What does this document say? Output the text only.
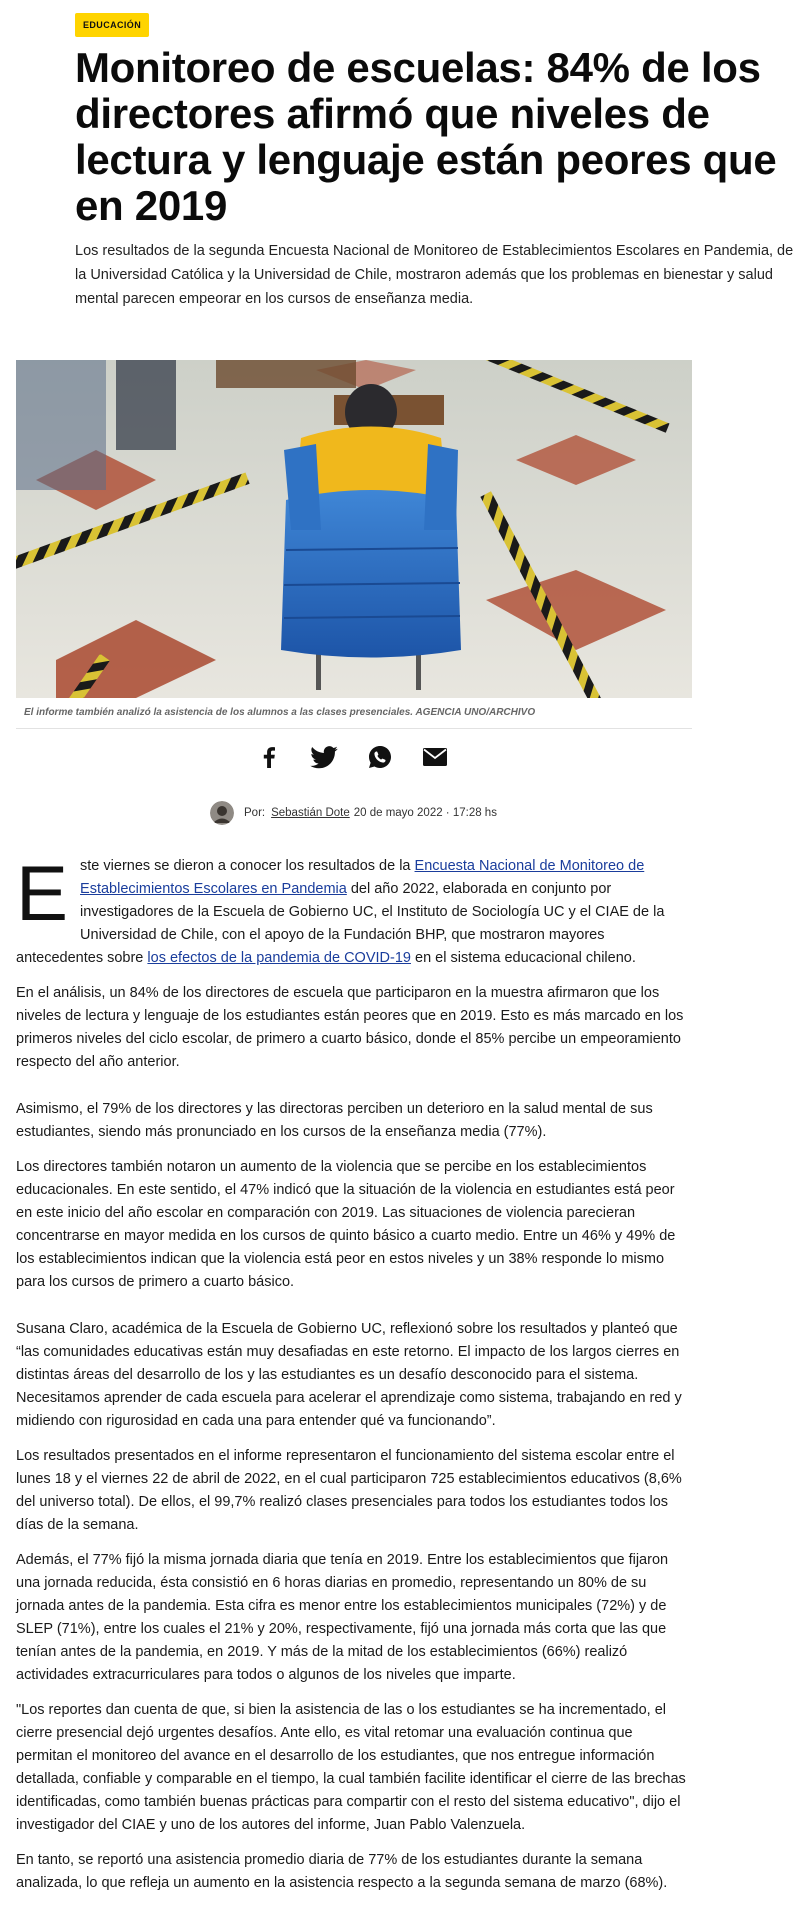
EDUCACIÓN
Monitoreo de escuelas: 84% de los directores afirmó que niveles de lectura y lenguaje están peores que en 2019

Los resultados de la segunda Encuesta Nacional de Monitoreo de Establecimientos Escolares en Pandemia, de la Universidad Católica y la Universidad de Chile, mostraron además que los problemas en bienestar y salud mental parecen empeorar en los cursos de enseñanza media.

El informe también analizó la asistencia de los alumnos a las clases presenciales. AGENCIA UNO/ARCHIVO

Por: Sebastián Dote 20 de mayo 2022 · 17:28 hs

Este viernes se dieron a conocer los resultados de la Encuesta Nacional de Monitoreo de Establecimientos Escolares en Pandemia del año 2022, elaborada en conjunto por investigadores de la Escuela de Gobierno UC, el Instituto de Sociología UC y el CIAE de la Universidad de Chile, con el apoyo de la Fundación BHP, que mostraron mayores antecedentes sobre los efectos de la pandemia de COVID-19 en el sistema educacional chileno.

En el análisis, un 84% de los directores de escuela que participaron en la muestra afirmaron que los niveles de lectura y lenguaje de los estudiantes están peores que en 2019. Esto es más marcado en los primeros niveles del ciclo escolar, de primero a cuarto básico, donde el 85% percibe un empeoramiento respecto del año anterior.

Asimismo, el 79% de los directores y las directoras perciben un deterioro en la salud mental de sus estudiantes, siendo más pronunciado en los cursos de la enseñanza media (77%).

Los directores también notaron un aumento de la violencia que se percibe en los establecimientos educacionales. En este sentido, el 47% indicó que la situación de la violencia en estudiantes está peor en este inicio del año escolar en comparación con 2019. Las situaciones de violencia parecieran concentrarse en mayor medida en los cursos de quinto básico a cuarto medio. Entre un 46% y 49% de los establecimientos indican que la violencia está peor en estos niveles y un 38% responde lo mismo para los cursos de primero a cuarto básico.

Susana Claro, académica de la Escuela de Gobierno UC, reflexionó sobre los resultados y planteó que “las comunidades educativas están muy desafiadas en este retorno. El impacto de los largos cierres en distintas áreas del desarrollo de los y las estudiantes es un desafío desconocido para el sistema. Necesitamos aprender de cada escuela para acelerar el aprendizaje como sistema, trabajando en red y midiendo con rigurosidad en cada una para entender qué va funcionando”.

Los resultados presentados en el informe representaron el funcionamiento del sistema escolar entre el lunes 18 y el viernes 22 de abril de 2022, en el cual participaron 725 establecimientos educativos (8,6% del universo total). De ellos, el 99,7% realizó clases presenciales para todos los estudiantes todos los días de la semana.

Además, el 77% fijó la misma jornada diaria que tenía en 2019. Entre los establecimientos que fijaron una jornada reducida, ésta consistió en 6 horas diarias en promedio, representando un 80% de su jornada antes de la pandemia. Esta cifra es menor entre los establecimientos municipales (72%) y de SLEP (71%), entre los cuales el 21% y 20%, respectivamente, fijó una jornada más corta que las que tenían antes de la pandemia, en 2019. Y más de la mitad de los establecimientos (66%) realizó actividades extracurriculares para todos o algunos de los niveles que imparte.

"Los reportes dan cuenta de que, si bien la asistencia de las o los estudiantes se ha incrementado, el cierre presencial dejó urgentes desafíos. Ante ello, es vital retomar una evaluación continua que permitan el monitoreo del avance en el desarrollo de los estudiantes, que nos entregue información detallada, confiable y comparable en el tiempo, la cual también facilite identificar el cierre de las brechas identificadas, como también buenas prácticas para compartir con el resto del sistema educativo", dijo el investigador del CIAE y uno de los autores del informe, Juan Pablo Valenzuela.

En tanto, se reportó una asistencia promedio diaria de 77% de los estudiantes durante la semana analizada, lo que refleja un aumento en la asistencia respecto a la segunda semana de marzo (68%).
